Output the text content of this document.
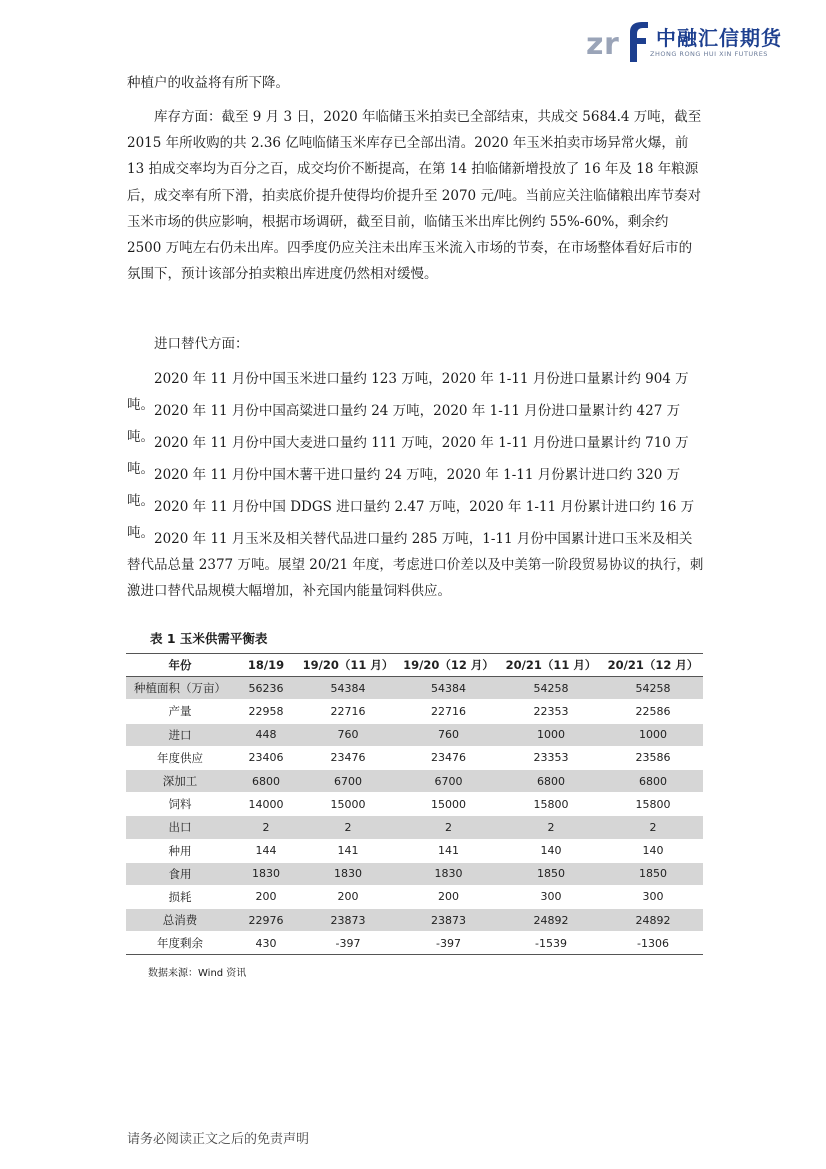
z r 中融汇信期货
ZHONG RONG HUI XIN FUTURES

种植户的收益将有所下降。

库存方面：截至 9 月 3 日，2020 年临储玉米拍卖已全部结束，共成交 5684.4 万吨，截至 2015 年所收购的共 2.36 亿吨临储玉米库存已全部出清。2020 年玉米拍卖市场异常火爆，前 13 拍成交率均为百分之百，成交均价不断提高，在第 14 拍临储新增投放了 16 年及 18 年粮源后，成交率有所下滑，拍卖底价提升使得均价提升至 2070 元/吨。当前应关注临储粮出库节奏对玉米市场的供应影响，根据市场调研，截至目前，临储玉米出库比例约 55%-60%，剩余约 2500 万吨左右仍未出库。四季度仍应关注未出库玉米流入市场的节奏，在市场整体看好后市的氛围下，预计该部分拍卖粮出库进度仍然相对缓慢。

进口替代方面：

2020 年 11 月份中国玉米进口量约 123 万吨，2020 年 1-11 月份进口量累计约 904 万吨。 2020 年 11 月份中国高粱进口量约 24 万吨，2020 年 1-11 月份进口量累计约 427 万吨。 2020 年 11 月份中国大麦进口量约 111 万吨，2020 年 1-11 月份进口量累计约 710 万吨。 2020 年 11 月份中国木薯干进口量约 24 万吨，2020 年 1-11 月份累计进口约 320 万吨。 2020 年 11 月份中国 DDGS 进口量约 2.47 万吨，2020 年 1-11 月份累计进口约 16 万吨。 2020 年 11 月玉米及相关替代品进口量约 285 万吨，1-11 月份中国累计进口玉米及相关替代品总量 2377 万吨。展望 20/21 年度，考虑进口价差以及中美第一阶段贸易协议的执行，刺激进口替代品规模大幅增加，补充国内能量饲料供应。

表 1 玉米供需平衡表
年份	18/19	19/20（11 月）	19/20（12 月）	20/21（11 月）	20/21（12 月）
种植面积（万亩）	56236	54384	54384	54258	54258
产量	22958	22716	22716	22353	22586
进口	448	760	760	1000	1000
年度供应	23406	23476	23476	23353	23586
深加工	6800	6700	6700	6800	6800
饲料	14000	15000	15000	15800	15800
出口	2	2	2	2	2
种用	144	141	141	140	140
食用	1830	1830	1830	1850	1850
损耗	200	200	200	300	300
总消费	22976	23873	23873	24892	24892
年度剩余	430	-397	-397	-1539	-1306
数据来源：Wind 资讯
请务必阅读正文之后的免责声明
